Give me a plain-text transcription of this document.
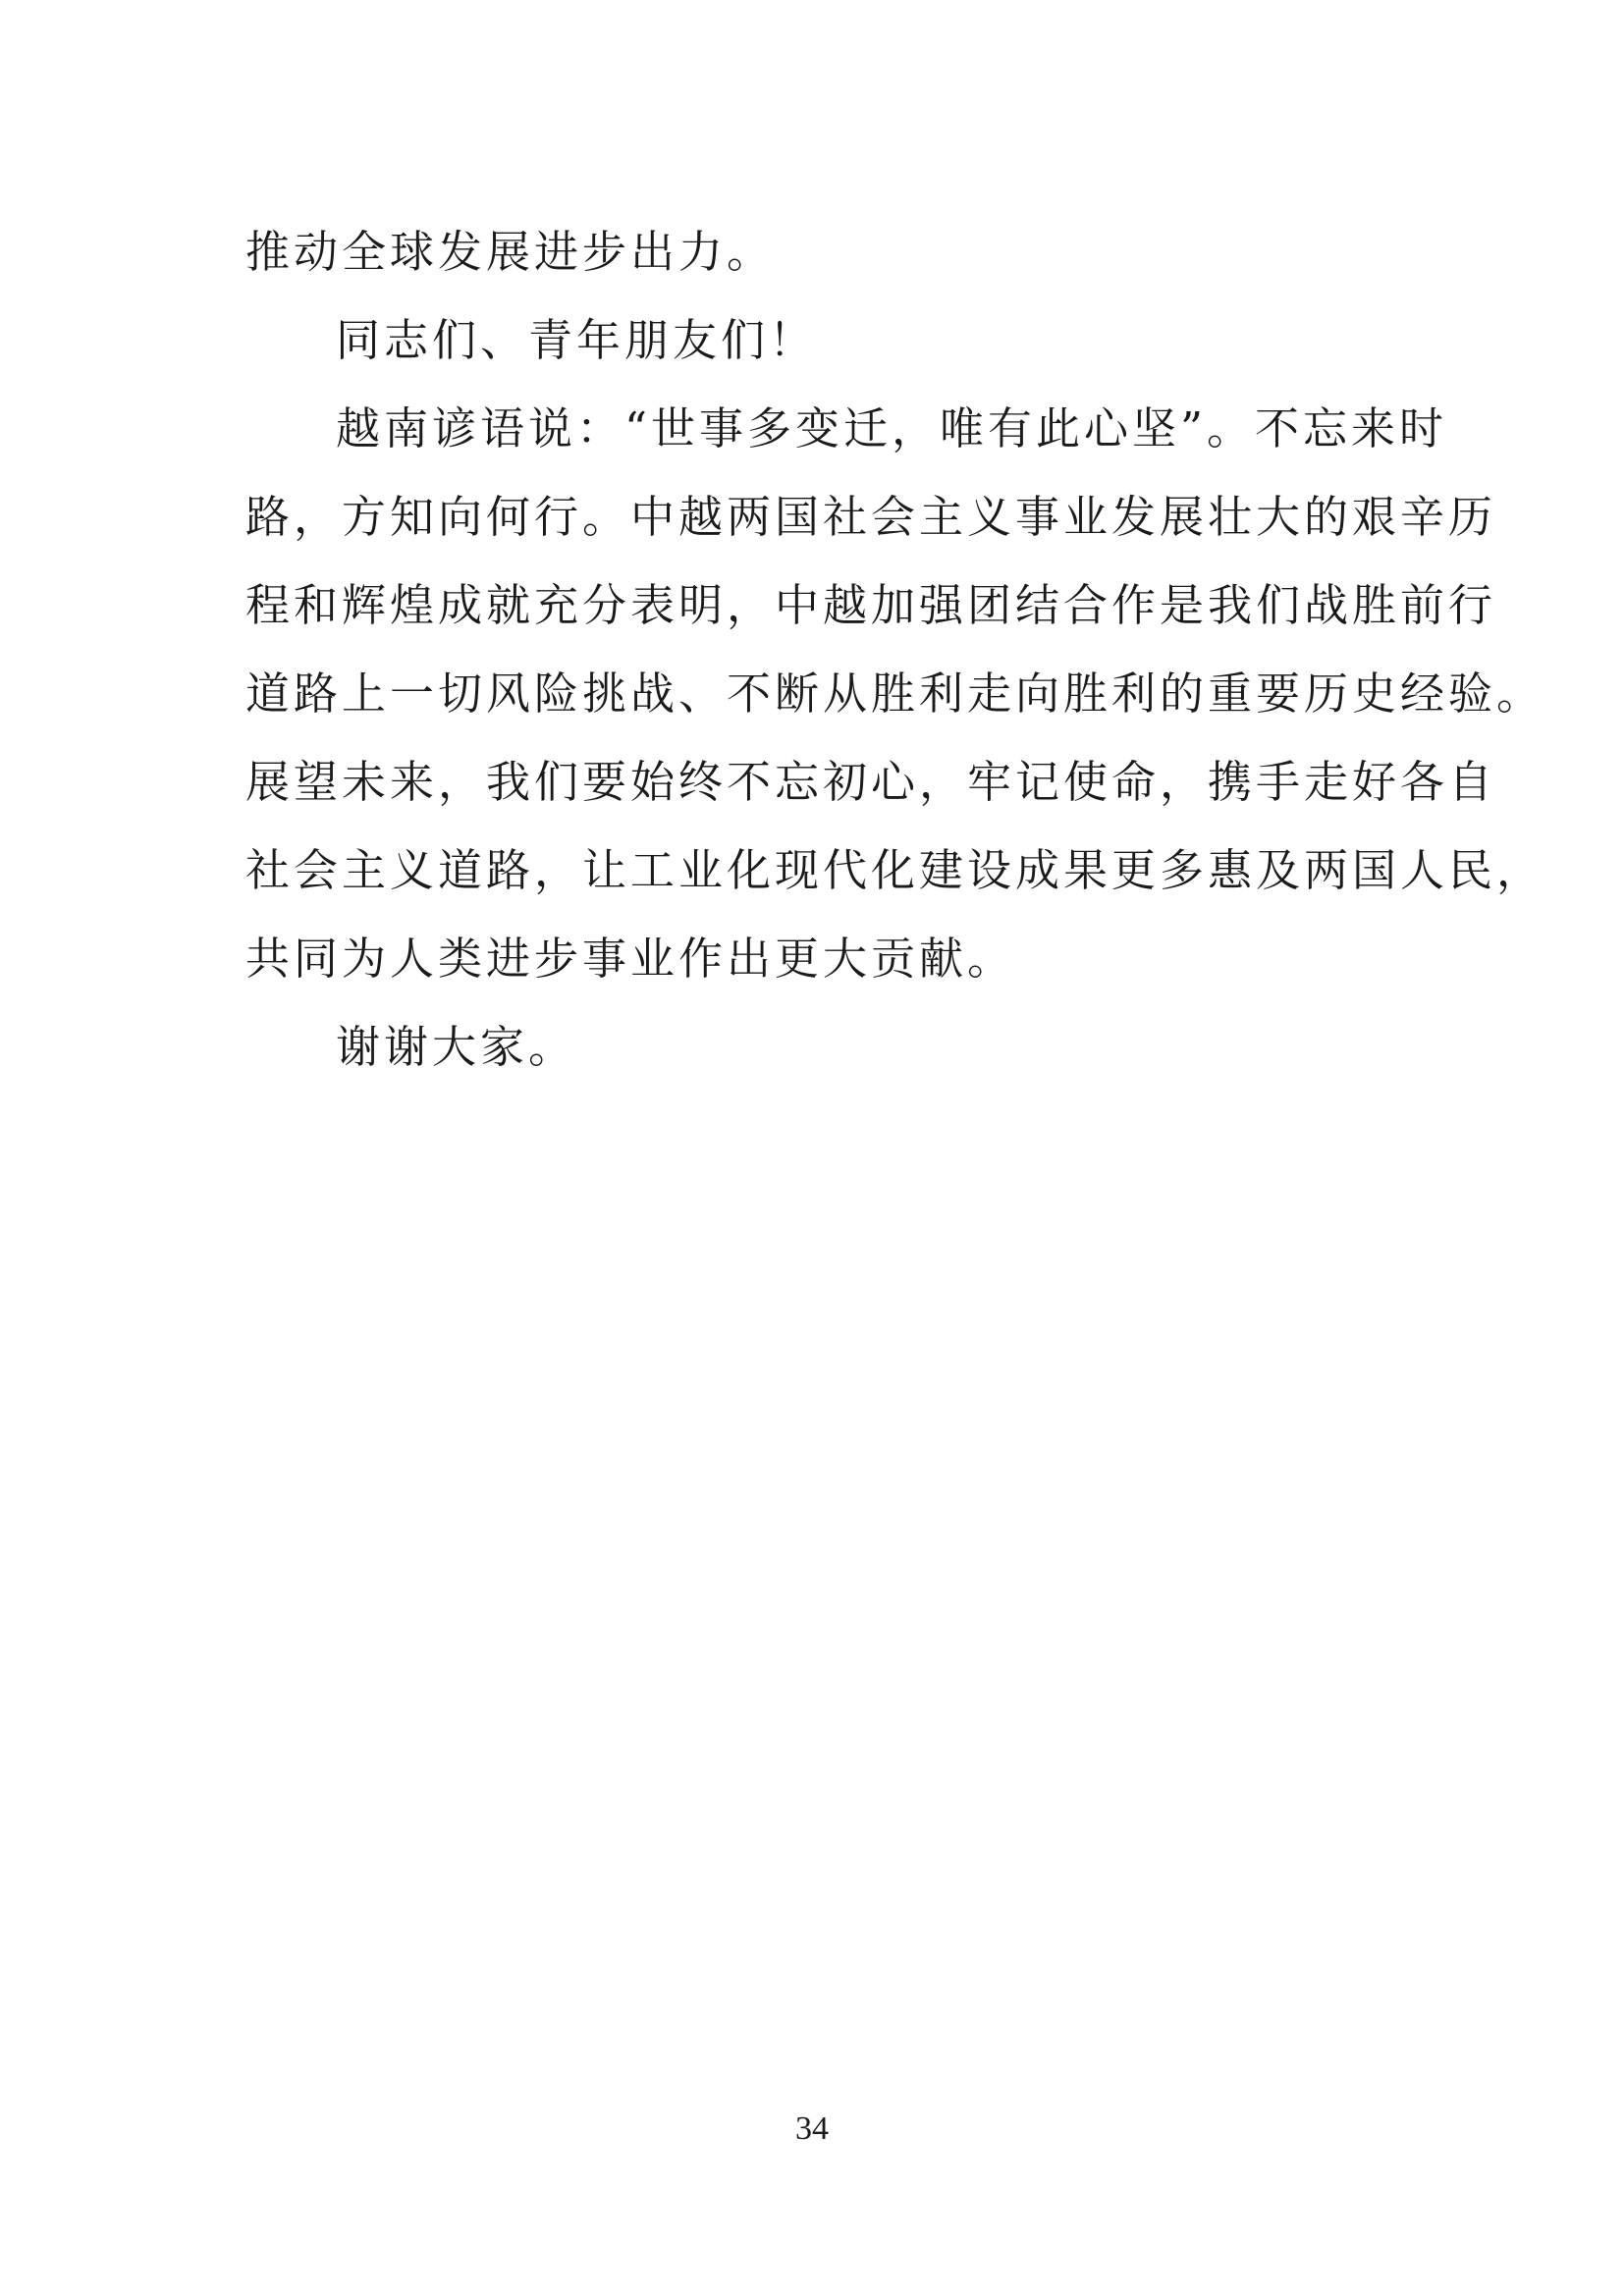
推动全球发展进步出力。
同志们、青年朋友们！
越南谚语说：“世事多变迁，唯有此心坚”。不忘来时
路，方知向何行。中越两国社会主义事业发展壮大的艰辛历
程和辉煌成就充分表明，中越加强团结合作是我们战胜前行
道路上一切风险挑战、不断从胜利走向胜利的重要历史经验。
展望未来，我们要始终不忘初心，牢记使命，携手走好各自
社会主义道路，让工业化现代化建设成果更多惠及两国人民，
共同为人类进步事业作出更大贡献。
谢谢大家。
34
